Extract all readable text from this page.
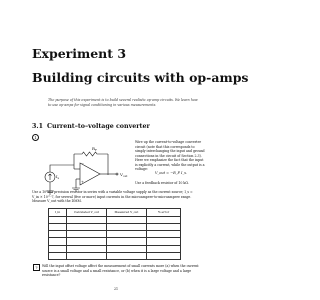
Experiment 3
Building circuits with op-amps
The purpose of this experiment is to build several realistic op-amp circuits. We learn how to use op-amps for signal conditioning in various measurements.
3.1 Current–to–voltage converter
1
−
+
$R_F$
$I_s$
$V_{out}$
Wire up the current-to-voltage converter circuit (note that this corresponds to simply interchanging the input and ground connections in the circuit of Section 2.3). Here we emphasize the fact that the input is explicitly a current, while the output is a voltage:
V_out = −R_F I_s.
Use a feedback resistor of 10 kΩ.
Use a 10 MΩ precision resistor in series with a variable voltage supply as the current source; I_s = V_in × 10^-7, for several (five or more) input currents in the microampere-to-microampere range. Measure V_out with the DMM.
I_in	Calculated V_out	Measured V_out	% error

?	Will the input offset voltage affect the measurement of small currents more (a) when the current source is a small voltage and a small resistance, or (b) when it is a large voltage and a large resistance?
21
